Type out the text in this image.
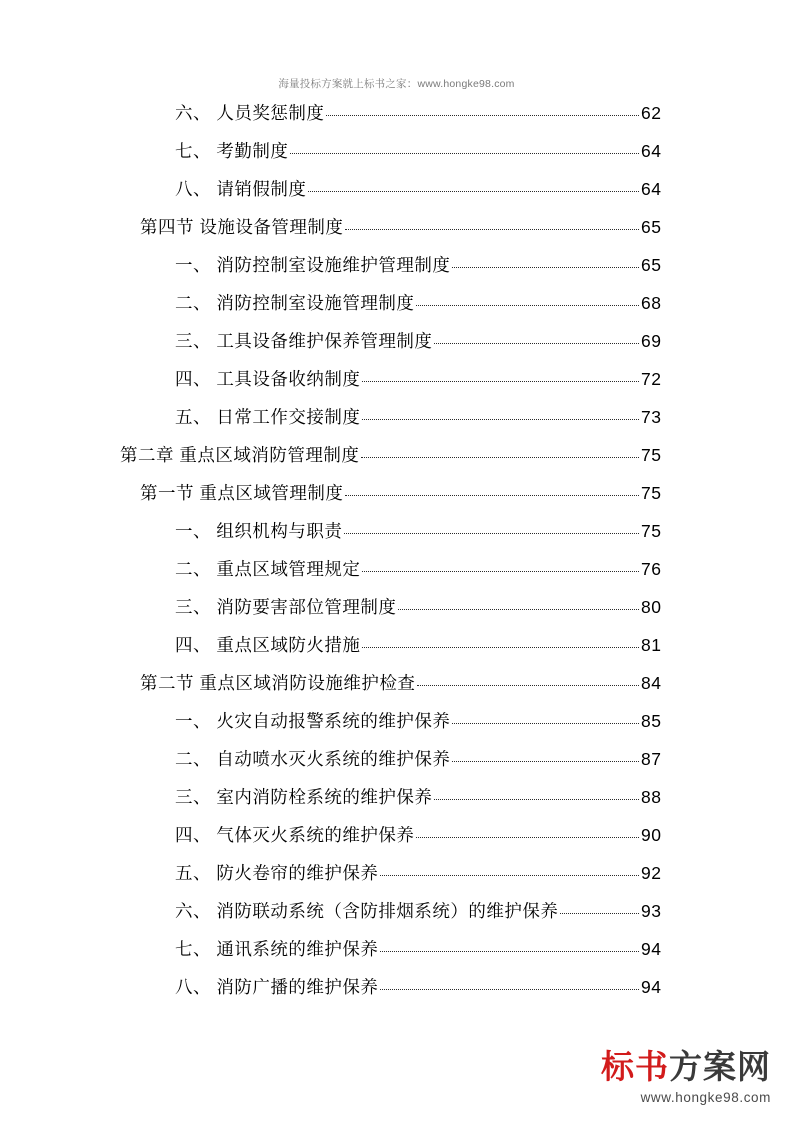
海量投标方案就上标书之家：www.hongke98.com
六、 人员奖惩制度	62
七、 考勤制度	64
八、 请销假制度	64
第四节 设施设备管理制度	65
一、 消防控制室设施维护管理制度	65
二、 消防控制室设施管理制度	68
三、 工具设备维护保养管理制度	69
四、 工具设备收纳制度	72
五、 日常工作交接制度	73
第二章 重点区域消防管理制度	75
第一节 重点区域管理制度	75
一、 组织机构与职责	75
二、 重点区域管理规定	76
三、 消防要害部位管理制度	80
四、 重点区域防火措施	81
第二节 重点区域消防设施维护检查	84
一、 火灾自动报警系统的维护保养	85
二、 自动喷水灭火系统的维护保养	87
三、 室内消防栓系统的维护保养	88
四、 气体灭火系统的维护保养	90
五、 防火卷帘的维护保养	92
六、 消防联动系统（含防排烟系统）的维护保养	93
七、 通讯系统的维护保养	94
八、 消防广播的维护保养	94
标书方案网
www.hongke98.com
